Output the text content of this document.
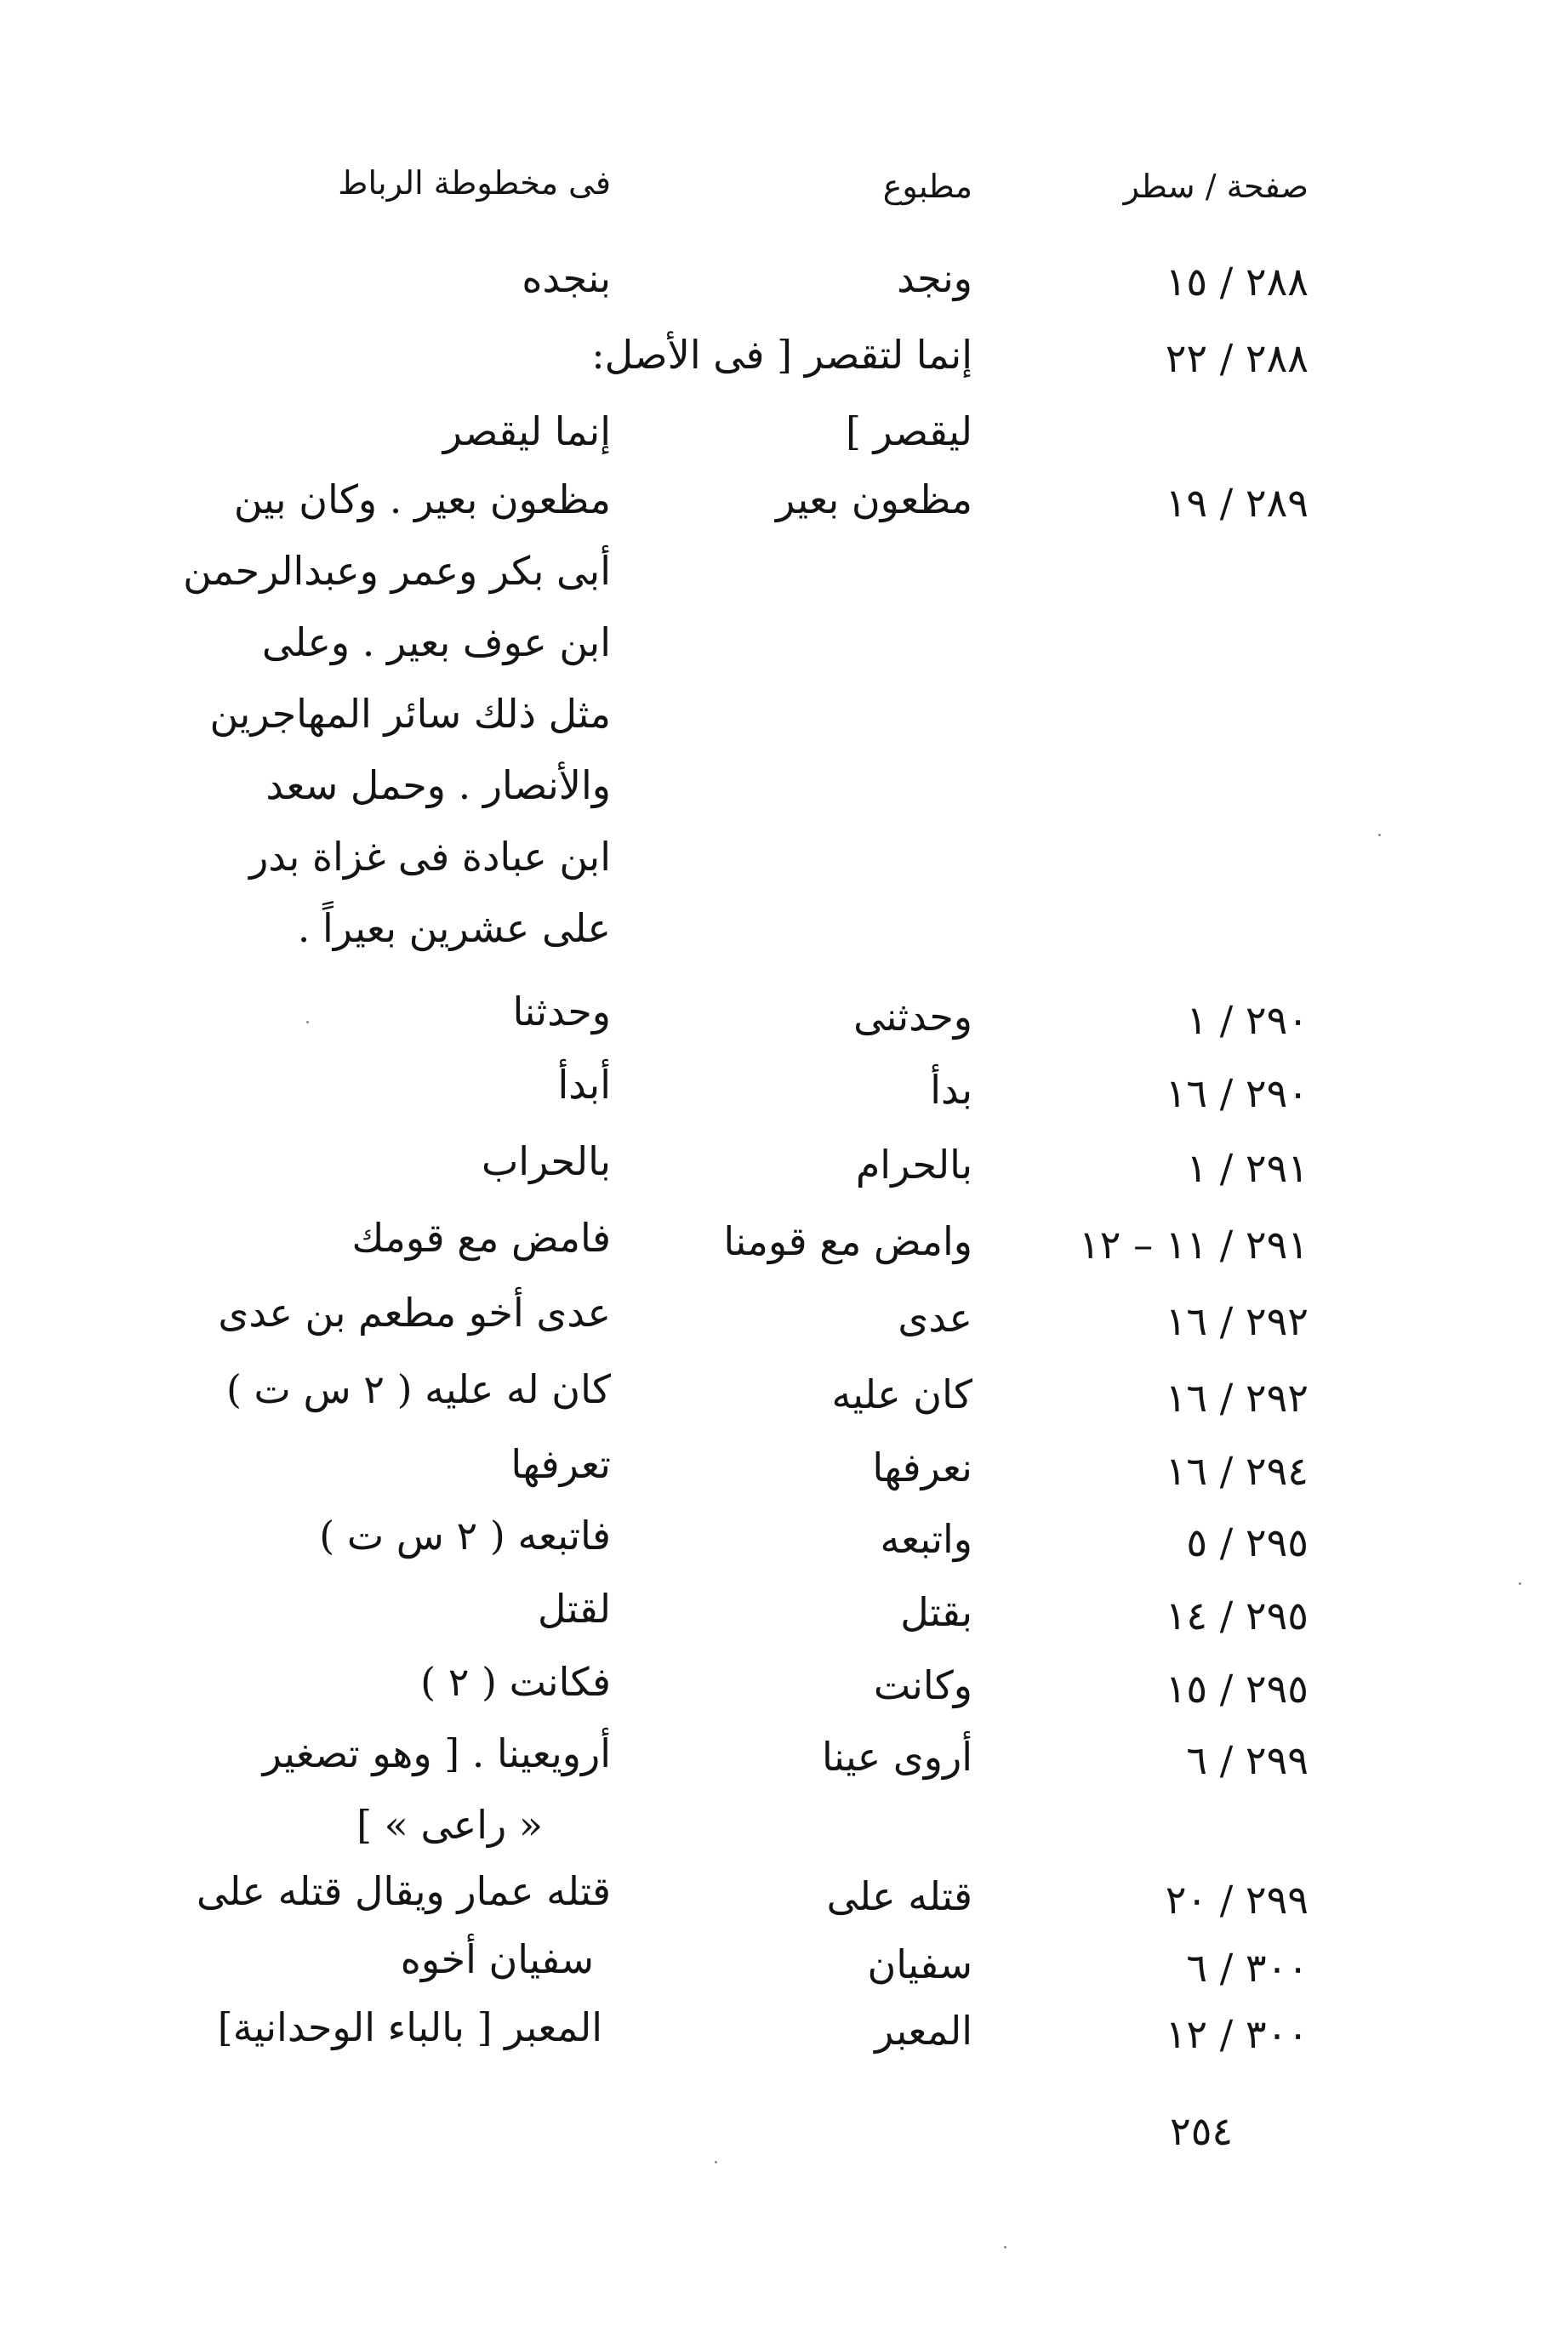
صفحة / سطر
مطبوع
فى مخطوطة الرباط
٢٨٨ / ١٥
ونجد
بنجده
٢٨٨ / ٢٢
إنما لتقصر [ فى الأصل:
ليقصر ]
إنما ليقصر
٢٨٩ / ١٩
مظعون بعير
مظعون بعير . وكان بين
أبى بكر وعمر وعبدالرحمن
ابن عوف بعير . وعلى
مثل ذلك سائر المهاجرين
والأنصار . وحمل سعد
ابن عبادة فى غزاة بدر
على عشرين بعيراً .
٢٩٠ / ١
وحدثنى
وحدثنا
٢٩٠ / ١٦
بدأ
أبدأ
٢٩١ / ١
بالحرام
بالحراب
٢٩١ / ١١ – ١٢
وامض مع قومنا
فامض مع قومك
٢٩٢ / ١٦
عدى
عدى أخو مطعم بن عدى
٢٩٢ / ١٦
كان عليه
كان له عليه ( ٢ س ت )
٢٩٤ / ١٦
نعرفها
تعرفها
٢٩٥ / ٥
واتبعه
فاتبعه ( ٢ س ت )
٢٩٥ / ١٤
بقتل
لقتل
٢٩٥ / ١٥
وكانت
فكانت ( ٢ )
٢٩٩ / ٦
أروى عينا
أرويعينا . [ وهو تصغير
« راعى » ]
٢٩٩ / ٢٠
قتله على
قتله عمار ويقال قتله على
٣٠٠ / ٦
سفيان
سفيان أخوه
٣٠٠ / ١٢
المعبر
المعبر [ بالباء الوحدانية]
٢٥٤
